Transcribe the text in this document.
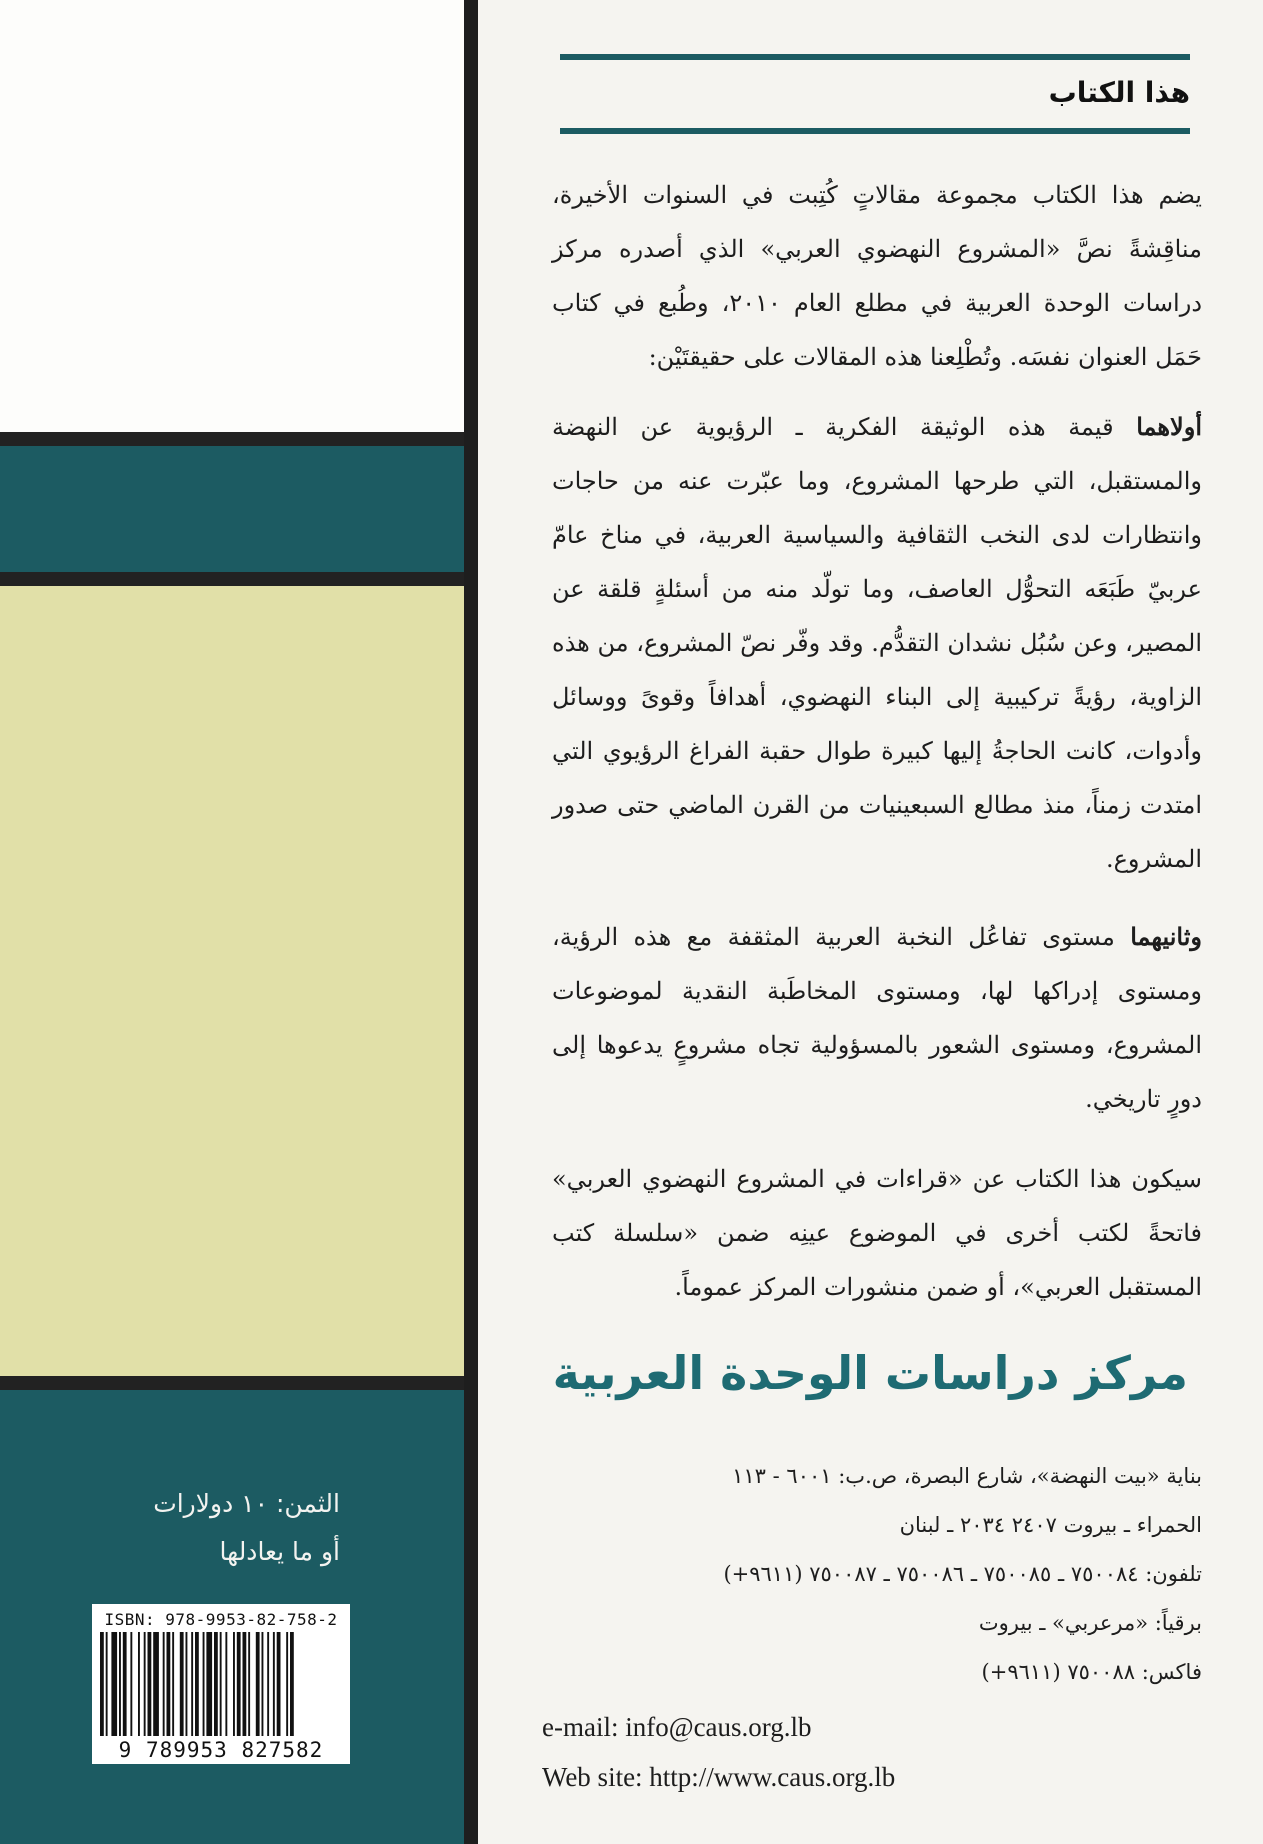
الثمن: ١٠ دولارات
أو ما يعادلها
ISBN: 978-9953-82-758-2
9 789953 827582
هذا الكتاب
يضم هذا الكتاب مجموعة مقالاتٍ كُتِبت في السنوات الأخيرة، مناقِشةً نصَّ «المشروع النهضوي العربي» الذي أصدره مركز دراسات الوحدة العربية في مطلع العام ٢٠١٠، وطُبع في كتاب حَمَل العنوان نفسَه. وتُطْلِعنا هذه المقالات على حقيقتَيْن:
أولاهما قيمة هذه الوثيقة الفكرية ـ الرؤيوية عن النهضة والمستقبل، التي طرحها المشروع، وما عبّرت عنه من حاجات وانتظارات لدى النخب الثقافية والسياسية العربية، في مناخ عامّ عربيّ طَبَعَه التحوُّل العاصف، وما تولّد منه من أسئلةٍ قلقة عن المصير، وعن سُبُل نشدان التقدُّم. وقد وفّر نصّ المشروع، من هذه الزاوية، رؤيةً تركيبية إلى البناء النهضوي، أهدافاً وقوىً ووسائل وأدوات، كانت الحاجةُ إليها كبيرة طوال حقبة الفراغ الرؤيوي التي امتدت زمناً، منذ مطالع السبعينيات من القرن الماضي حتى صدور المشروع.
وثانيهما مستوى تفاعُل النخبة العربية المثقفة مع هذه الرؤية، ومستوى إدراكها لها، ومستوى المخاطَبة النقدية لموضوعات المشروع، ومستوى الشعور بالمسؤولية تجاه مشروعٍ يدعوها إلى دورٍ تاريخي.
سيكون هذا الكتاب عن «قراءات في المشروع النهضوي العربي» فاتحةً لكتب أخرى في الموضوع عينِه ضمن «سلسلة كتب المستقبل العربي»، أو ضمن منشورات المركز عموماً.
مركز دراسات الوحدة العربية
بناية «بيت النهضة»، شارع البصرة، ص.ب: ٦٠٠١ - ١١٣
الحمراء ـ بيروت ٢٤٠٧ ٢٠٣٤ ـ لبنان
تلفون: ٧٥٠٠٨٤ ـ ٧٥٠٠٨٥ ـ ٧٥٠٠٨٦ ـ ٧٥٠٠٨٧ (٩٦١١+)
برقياً: «مرعربي» ـ بيروت
فاكس: ٧٥٠٠٨٨ (٩٦١١+)
e-mail: info@caus.org.lb
Web site: http://www.caus.org.lb
